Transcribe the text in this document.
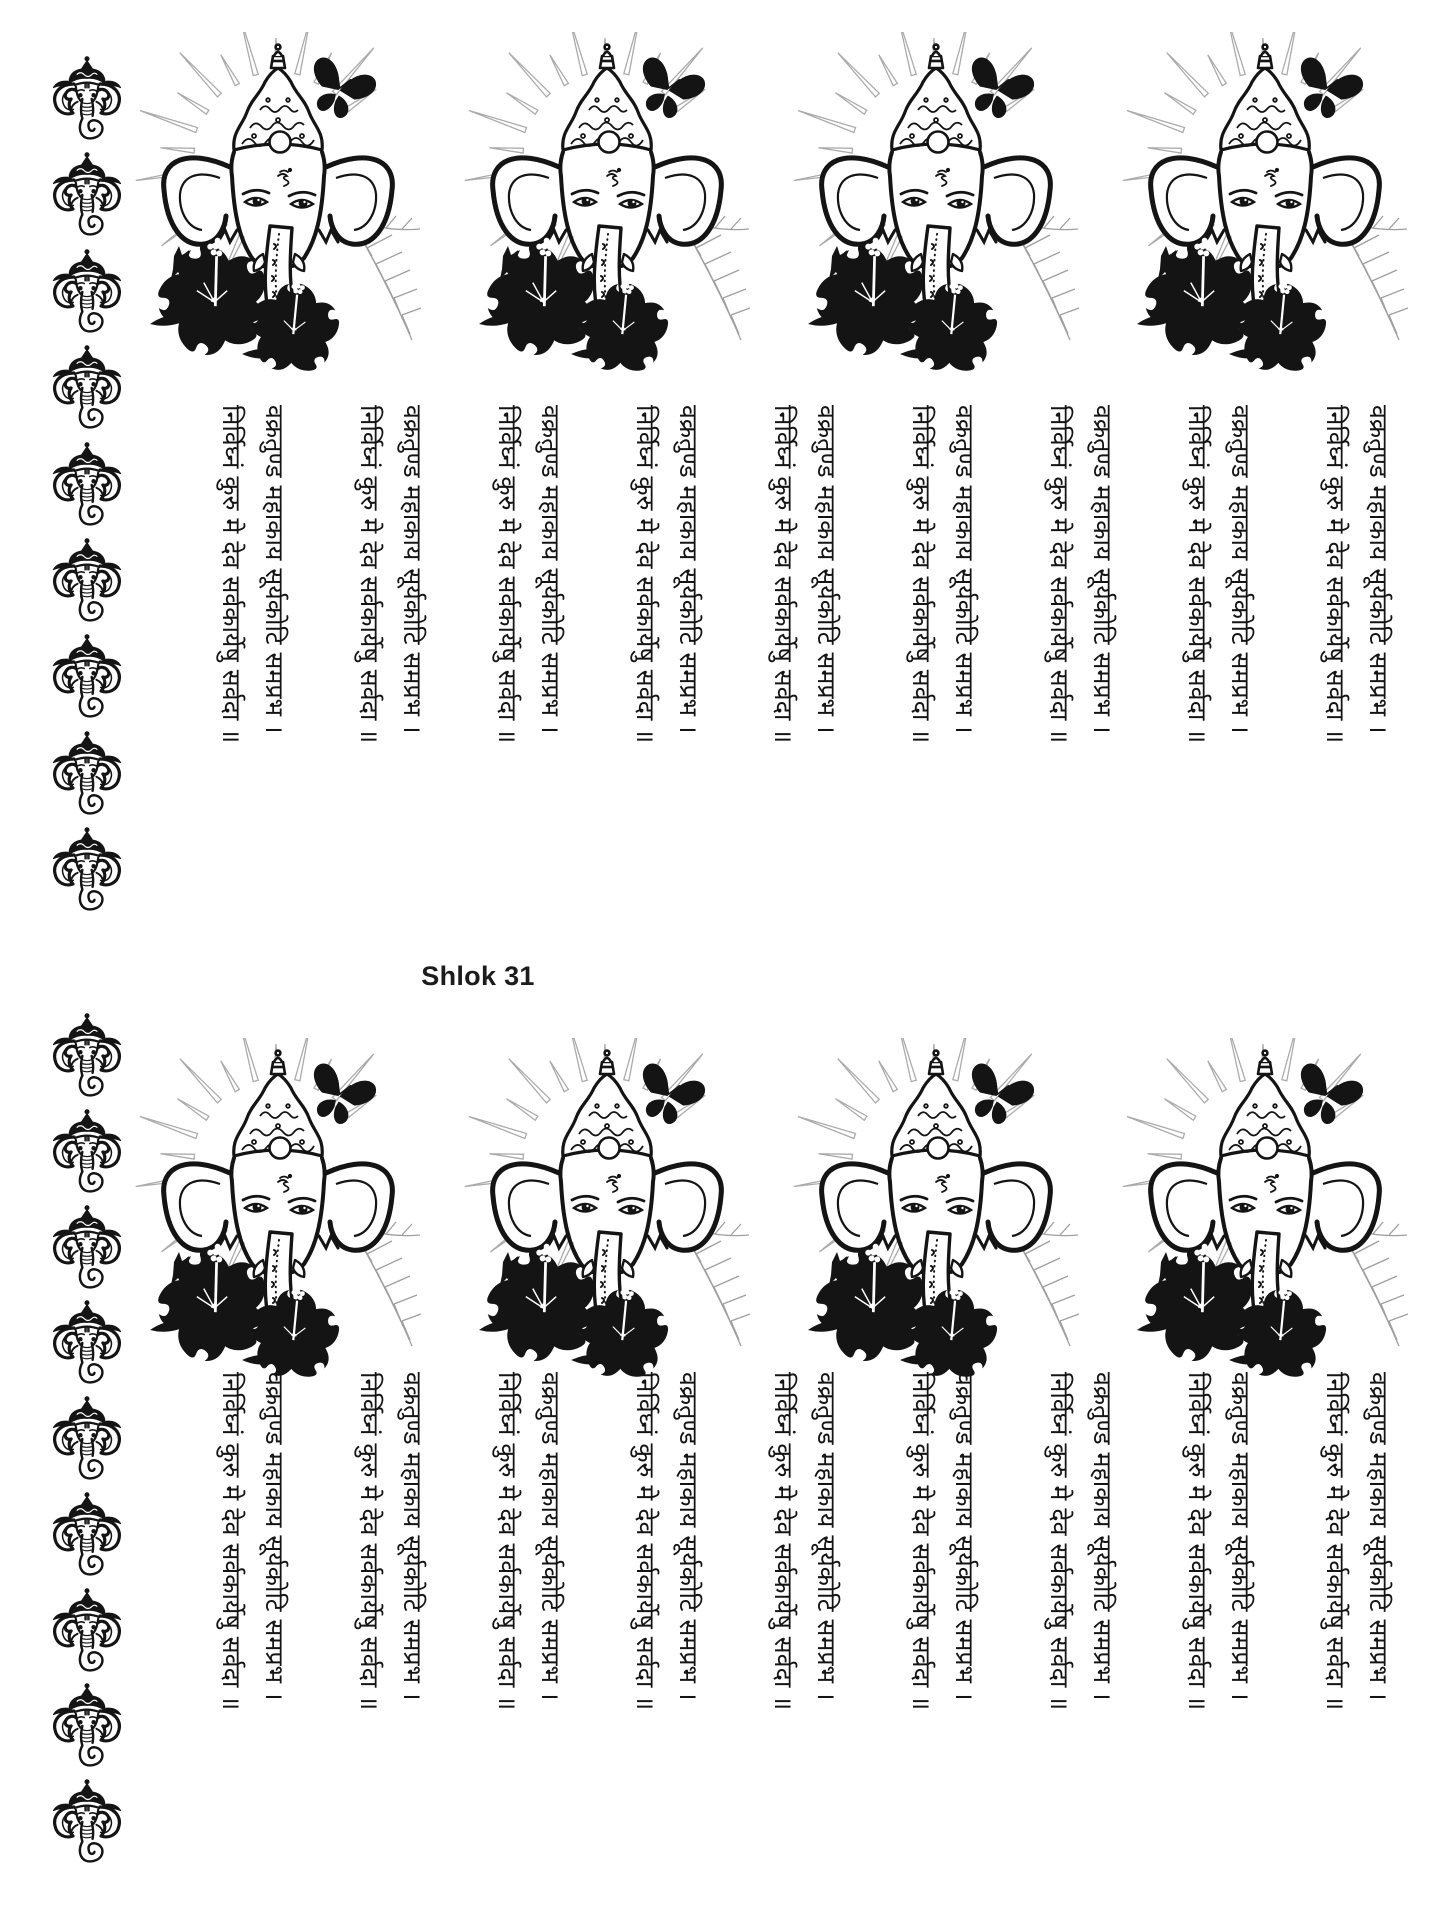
वक्रतुण्ड महाकाय सूर्यकोटि समप्रभ ।
निर्विघ्नं कुरु मे देव सर्वकार्येषु सर्वदा ॥	वक्रतुण्ड महाकाय सूर्यकोटि समप्रभ ।
निर्विघ्नं कुरु मे देव सर्वकार्येषु सर्वदा ॥	वक्रतुण्ड महाकाय सूर्यकोटि समप्रभ ।
निर्विघ्नं कुरु मे देव सर्वकार्येषु सर्वदा ॥	वक्रतुण्ड महाकाय सूर्यकोटि समप्रभ ।
निर्विघ्नं कुरु मे देव सर्वकार्येषु सर्वदा ॥	वक्रतुण्ड महाकाय सूर्यकोटि समप्रभ ।
निर्विघ्नं कुरु मे देव सर्वकार्येषु सर्वदा ॥	वक्रतुण्ड महाकाय सूर्यकोटि समप्रभ ।
निर्विघ्नं कुरु मे देव सर्वकार्येषु सर्वदा ॥	वक्रतुण्ड महाकाय सूर्यकोटि समप्रभ ।
निर्विघ्नं कुरु मे देव सर्वकार्येषु सर्वदा ॥	वक्रतुण्ड महाकाय सूर्यकोटि समप्रभ ।
निर्विघ्नं कुरु मे देव सर्वकार्येषु सर्वदा ॥	वक्रतुण्ड महाकाय सूर्यकोटि समप्रभ ।
निर्विघ्नं कुरु मे देव सर्वकार्येषु सर्वदा ॥
Shlok 31
वक्रतुण्ड महाकाय सूर्यकोटि समप्रभ ।
निर्विघ्नं कुरु मे देव सर्वकार्येषु सर्वदा ॥	वक्रतुण्ड महाकाय सूर्यकोटि समप्रभ ।
निर्विघ्नं कुरु मे देव सर्वकार्येषु सर्वदा ॥	वक्रतुण्ड महाकाय सूर्यकोटि समप्रभ ।
निर्विघ्नं कुरु मे देव सर्वकार्येषु सर्वदा ॥	वक्रतुण्ड महाकाय सूर्यकोटि समप्रभ ।
निर्विघ्नं कुरु मे देव सर्वकार्येषु सर्वदा ॥	वक्रतुण्ड महाकाय सूर्यकोटि समप्रभ ।
निर्विघ्नं कुरु मे देव सर्वकार्येषु सर्वदा ॥	वक्रतुण्ड महाकाय सूर्यकोटि समप्रभ ।
निर्विघ्नं कुरु मे देव सर्वकार्येषु सर्वदा ॥	वक्रतुण्ड महाकाय सूर्यकोटि समप्रभ ।
निर्विघ्नं कुरु मे देव सर्वकार्येषु सर्वदा ॥	वक्रतुण्ड महाकाय सूर्यकोटि समप्रभ ।
निर्विघ्नं कुरु मे देव सर्वकार्येषु सर्वदा ॥	वक्रतुण्ड महाकाय सूर्यकोटि समप्रभ ।
निर्विघ्नं कुरु मे देव सर्वकार्येषु सर्वदा ॥
